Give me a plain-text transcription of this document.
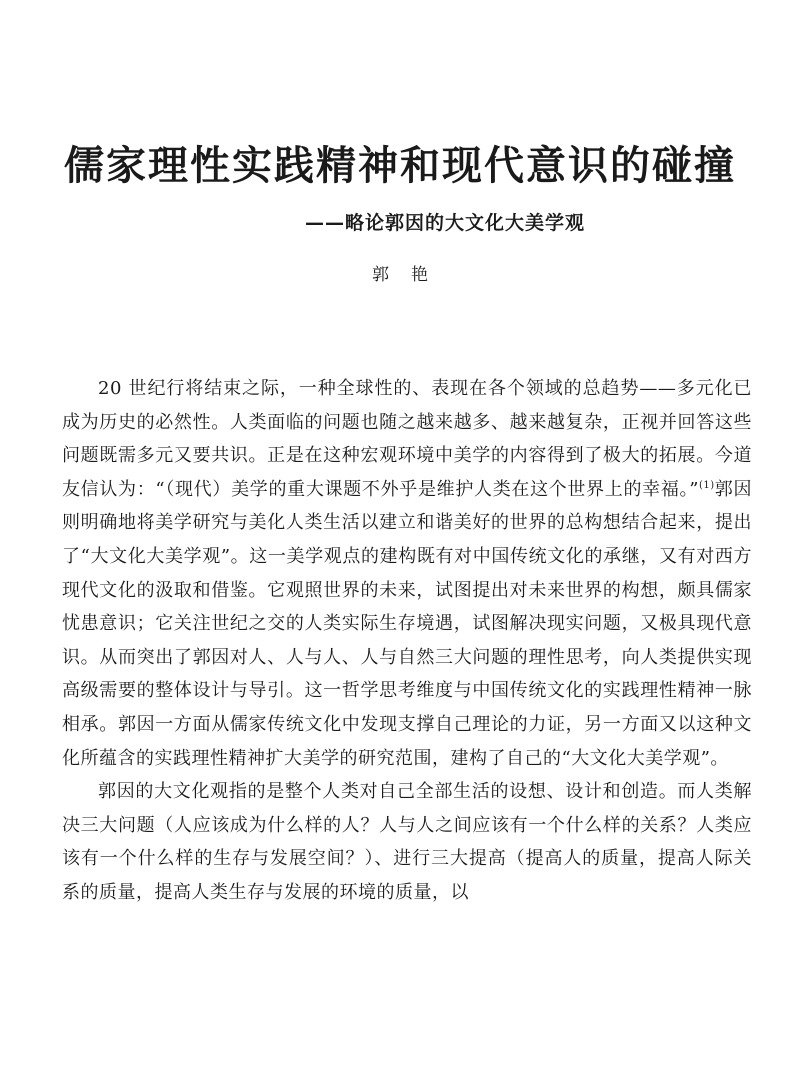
儒家理性实践精神和现代意识的碰撞
——略论郭因的大文化大美学观
郭艳

20 世纪行将结束之际，一种全球性的、表现在各个领域的总趋势——多元化已成为历史的必然性。人类面临的问题也随之越来越多、越来越复杂，正视并回答这些问题既需多元又要共识。正是在这种宏观环境中美学的内容得到了极大的拓展。今道友信认为：“（现代）美学的重大课题不外乎是维护人类在这个世界上的幸福。”$^{(1)}$郭因则明确地将美学研究与美化人类生活以建立和谐美好的世界的总构想结合起来，提出了“大文化大美学观”。这一美学观点的建构既有对中国传统文化的承继，又有对西方现代文化的汲取和借鉴。它观照世界的未来，试图提出对未来世界的构想，颇具儒家忧患意识；它关注世纪之交的人类实际生存境遇，试图解决现实问题，又极具现代意识。从而突出了郭因对人、人与人、人与自然三大问题的理性思考，向人类提供实现高级需要的整体设计与导引。这一哲学思考维度与中国传统文化的实践理性精神一脉相承。郭因一方面从儒家传统文化中发现支撑自己理论的力证，另一方面又以这种文化所蕴含的实践理性精神扩大美学的研究范围，建构了自己的“大文化大美学观”。

郭因的大文化观指的是整个人类对自己全部生活的设想、设计和创造。而人类解决三大问题（人应该成为什么样的人？人与人之间应该有一个什么样的关系？人类应该有一个什么样的生存与发展空间？）、进行三大提高（提高人的质量，提高人际关系的质量，提高人类生存与发展的环境的质量，以
